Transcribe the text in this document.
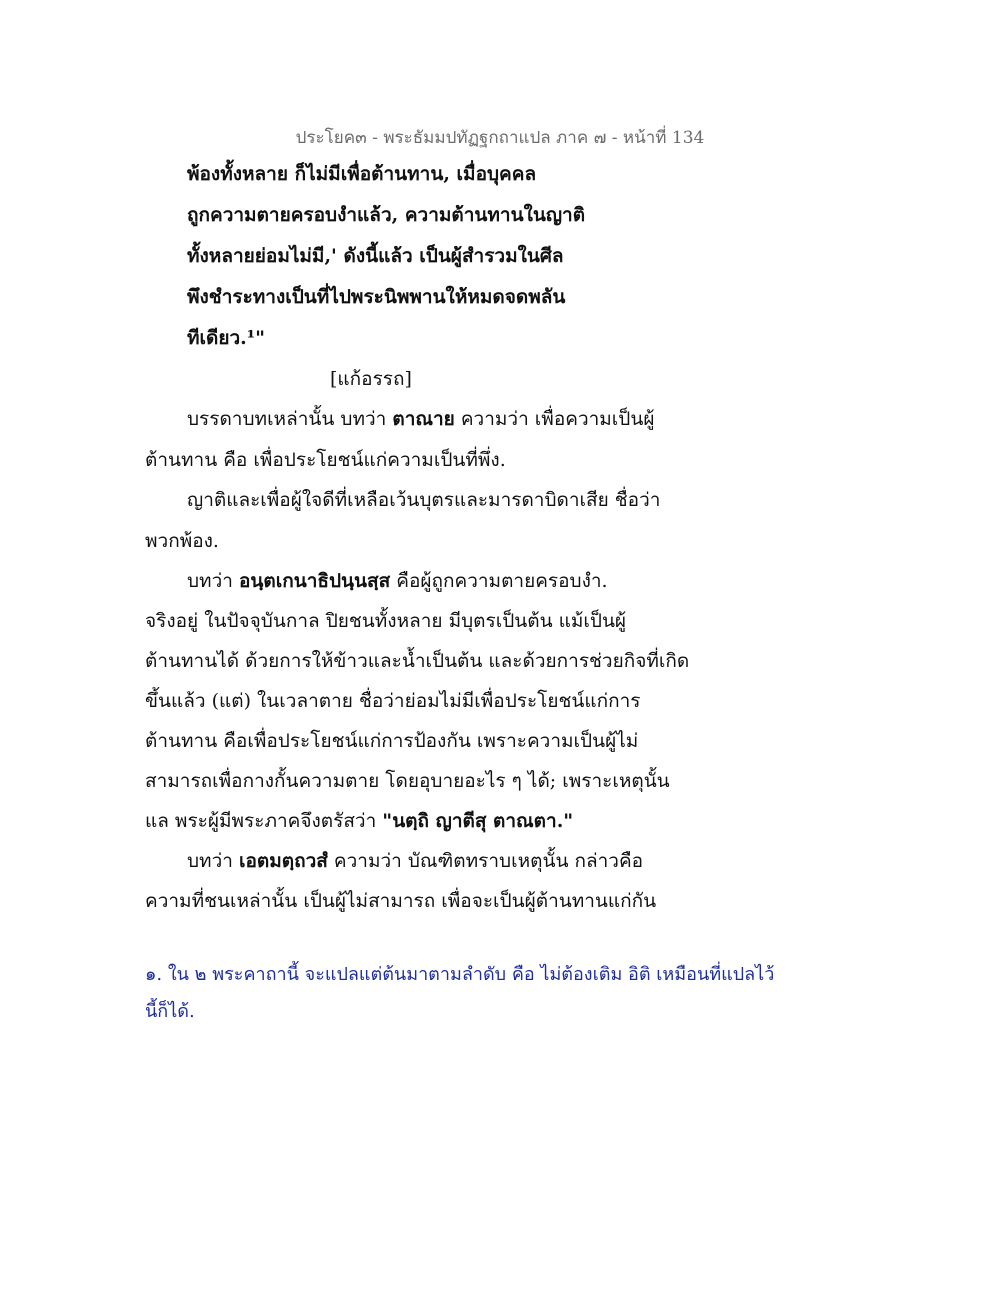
ประโยค๓ - พระธัมมปทัฏฐกถาแปล ภาค ๗ - หน้าที่ 134
พ้องทั้งหลาย ก็ไม่มีเพื่อต้านทาน, เมื่อบุคคล
ถูกความตายครอบงำแล้ว, ความต้านทานในญาติ
ทั้งหลายย่อมไม่มี,' ดังนี้แล้ว เป็นผู้สำรวมในศีล
พึงชำระทางเป็นที่ไปพระนิพพานให้หมดจดพลัน
ทีเดียว.¹"
[แก้อรรถ]
บรรดาบทเหล่านั้น บทว่า ตาณาย ความว่า เพื่อความเป็นผู้
ต้านทาน คือ เพื่อประโยชน์แก่ความเป็นที่พึ่ง.
ญาติและเพื่อผู้ใจดีที่เหลือเว้นบุตรและมารดาบิดาเสีย ชื่อว่า
พวกพ้อง.
บทว่า อนฺตเกนาธิปนฺนสฺส คือผู้ถูกความตายครอบงำ.
จริงอยู่ ในปัจจุบันกาล ปิยชนทั้งหลาย มีบุตรเป็นต้น แม้เป็นผู้
ต้านทานได้ ด้วยการให้ข้าวและน้ำเป็นต้น และด้วยการช่วยกิจที่เกิด
ขึ้นแล้ว (แต่) ในเวลาตาย ชื่อว่าย่อมไม่มีเพื่อประโยชน์แก่การ
ต้านทาน คือเพื่อประโยชน์แก่การป้องกัน เพราะความเป็นผู้ไม่
สามารถเพื่อกางกั้นความตาย โดยอุบายอะไร ๆ ได้; เพราะเหตุนั้น
แล พระผู้มีพระภาคจึงตรัสว่า "นตฺถิ ญาตีสุ ตาณตา."
บทว่า เอตมตฺถวสํ ความว่า บัณฑิตทราบเหตุนั้น กล่าวคือ
ความที่ชนเหล่านั้น เป็นผู้ไม่สามารถ เพื่อจะเป็นผู้ต้านทานแก่กัน
๑. ใน ๒ พระคาถานี้ จะแปลแต่ต้นมาตามลำดับ คือ ไม่ต้องเติม อิติ เหมือนที่แปลไว้
นี้ก็ได้.
